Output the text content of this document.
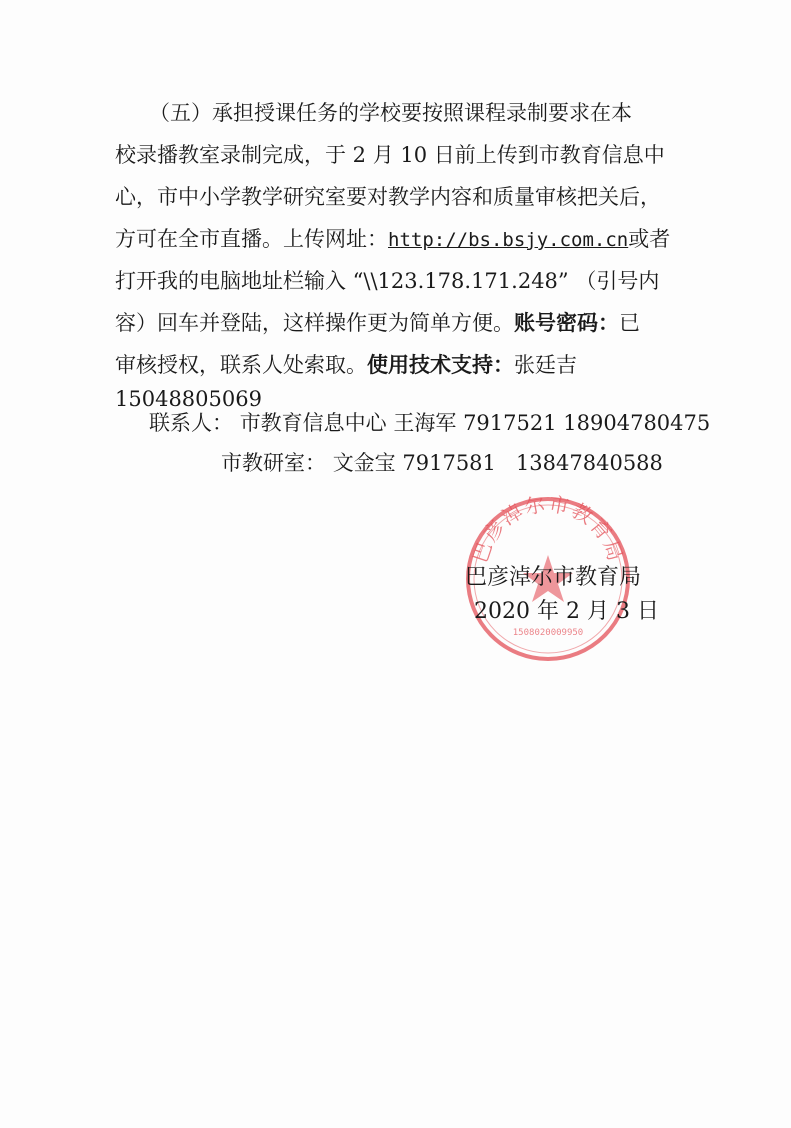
（五）承担授课任务的学校要按照课程录制要求在本
校录播教室录制完成，于 2 月 10 日前上传到市教育信息中
心，市中小学教学研究室要对教学内容和质量审核把关后，
方可在全市直播。上传网址：http://bs.bsjy.com.cn或者
打开我的电脑地址栏输入 “\\123.178.171.248” （引号内
容）回车并登陆，这样操作更为简单方便。账号密码：已
审核授权，联系人处索取。使用技术支持：张廷吉
15048805069
联系人： 市教育信息中心 王海军 7917521 18904780475
市教研室： 文金宝 7917581 13847840588
巴彦淖尔市教育局
1508020009950
巴彦淖尔市教育局
2020 年 2 月 3 日
